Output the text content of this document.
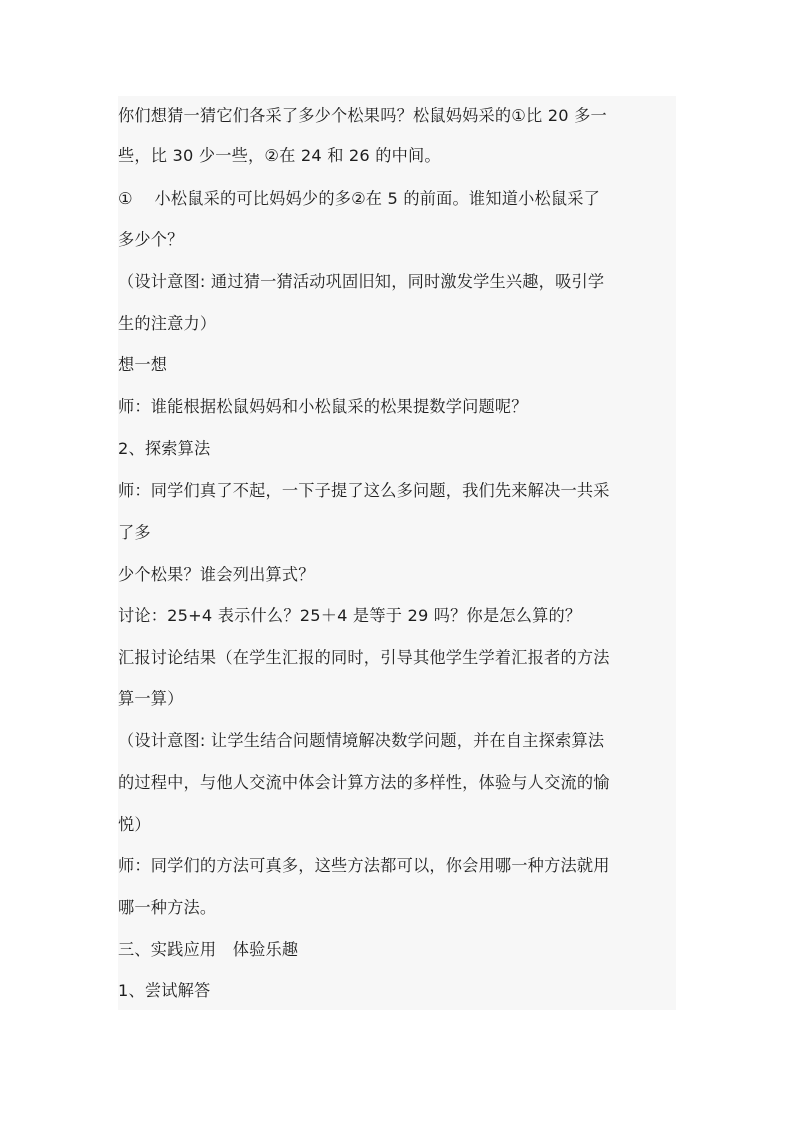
你们想猜一猜它们各采了多少个松果吗？松鼠妈妈采的①比 20 多一
些，比 30 少一些，②在 24 和 26 的中间。
①　 小松鼠采的可比妈妈少的多②在 5 的前面。谁知道小松鼠采了
多少个？
（设计意图: 通过猜一猜活动巩固旧知，同时激发学生兴趣，吸引学
生的注意力）
想一想
师：谁能根据松鼠妈妈和小松鼠采的松果提数学问题呢？
2、探索算法
师：同学们真了不起，一下子提了这么多问题，我们先来解决一共采
了多
少个松果？谁会列出算式？
讨论：25+4 表示什么？25＋4 是等于 29 吗？你是怎么算的？
汇报讨论结果（在学生汇报的同时，引导其他学生学着汇报者的方法
算一算）
（设计意图: 让学生结合问题情境解决数学问题，并在自主探索算法
的过程中，与他人交流中体会计算方法的多样性，体验与人交流的愉
悦）
师：同学们的方法可真多，这些方法都可以，你会用哪一种方法就用
哪一种方法。
三、实践应用　体验乐趣
1、尝试解答
